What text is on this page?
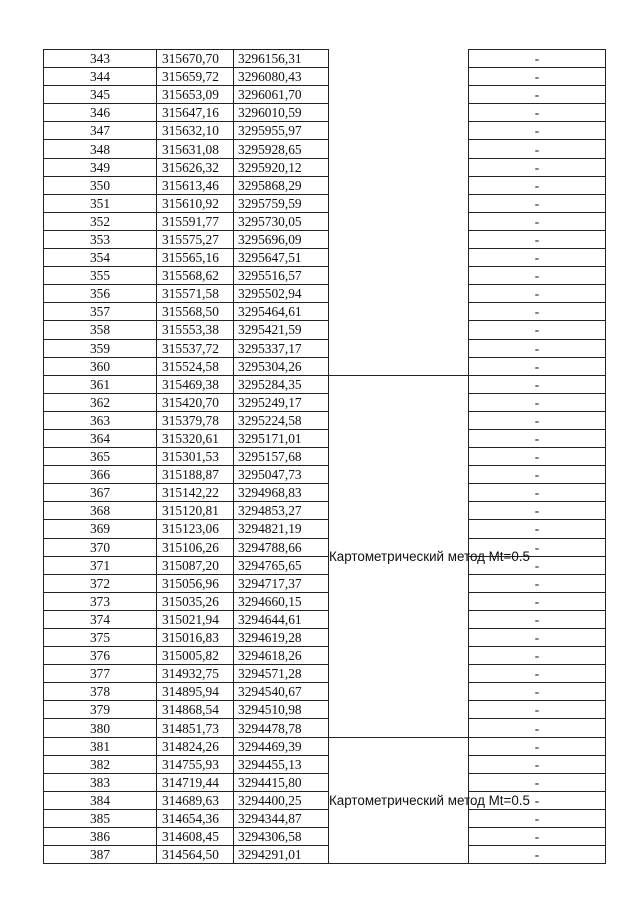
343	315670,70	3296156,31		-
344	315659,72	3296080,43		-
345	315653,09	3296061,70		-
346	315647,16	3296010,59		-
347	315632,10	3295955,97		-
348	315631,08	3295928,65		-
349	315626,32	3295920,12		-
350	315613,46	3295868,29		-
351	315610,92	3295759,59		-
352	315591,77	3295730,05		-
353	315575,27	3295696,09		-
354	315565,16	3295647,51		-
355	315568,62	3295516,57		-
356	315571,58	3295502,94		-
357	315568,50	3295464,61		-
358	315553,38	3295421,59		-
359	315537,72	3295337,17		-
360	315524,58	3295304,26		-
361	315469,38	3295284,35	Картометрический метод Mt=0.5	-
362	315420,70	3295249,17		-
363	315379,78	3295224,58		-
364	315320,61	3295171,01		-
365	315301,53	3295157,68		-
366	315188,87	3295047,73		-
367	315142,22	3294968,83		-
368	315120,81	3294853,27		-
369	315123,06	3294821,19		-
370	315106,26	3294788,66		-
371	315087,20	3294765,65		-
372	315056,96	3294717,37		-
373	315035,26	3294660,15		-
374	315021,94	3294644,61		-
375	315016,83	3294619,28		-
376	315005,82	3294618,26		-
377	314932,75	3294571,28		-
378	314895,94	3294540,67		-
379	314868,54	3294510,98		-
380	314851,73	3294478,78		-
381	314824,26	3294469,39	Картометрический метод Mt=0.5	-
382	314755,93	3294455,13		-
383	314719,44	3294415,80		-
384	314689,63	3294400,25		-
385	314654,36	3294344,87		-
386	314608,45	3294306,58		-
387	314564,50	3294291,01		-
